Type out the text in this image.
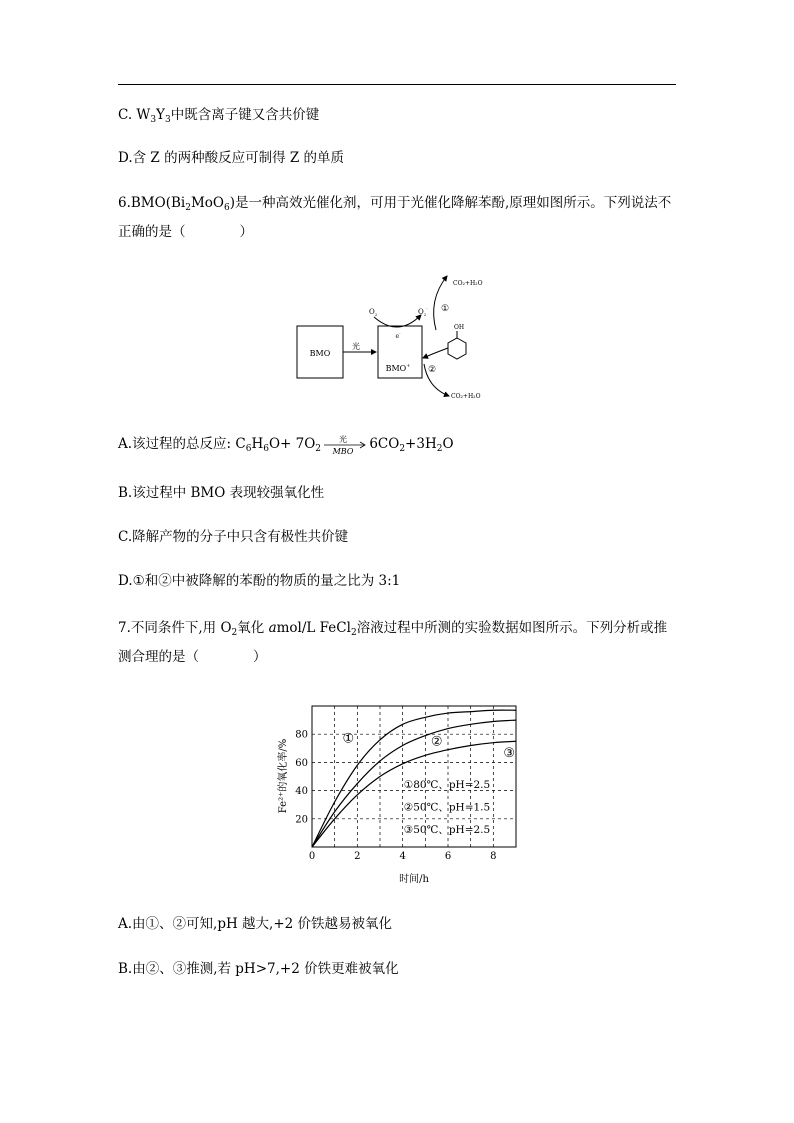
C. $W_3Y_3$中既含离子键又含共价键
D.含 Z 的两种酸反应可制得 Z 的单质
$6.BMO(Bi_2MoO_6)$是一种高效光催化剂，可用于光催化降解苯酚,原理如图所示。下列说法不
正确的是（　　　　）
BMO
光
BMO+
e-
$O_2$	$O_2^-$ ①
CO₂+H₂O
OH
②
CO₂+H₂O
A.该过程的总反应: $C_6H_6O+ 7O_2$
光
MBO $6CO_2+3H_2O$
B.该过程中 BMO 表现较强氧化性
C.降解产物的分子中只含有极性共价键
D.①和②中被降解的苯酚的物质的量之比为 3:1
7.不同条件下,用 $O_2$氧化 amol/L FeCl$_2$溶液过程中所测的实验数据如图所示。下列分析或推
测合理的是（　　　　）
①	②
③
20
40
60
80
0	2	4	6	8
Fe²⁺的氧化率/%
时间/h
①80℃、pH=2.5
②50℃、pH=1.5
③50℃、pH=2.5
A.由①、②可知,pH 越大,+2 价铁越易被氧化
B.由②、③推测,若 pH>7,+2 价铁更难被氧化
